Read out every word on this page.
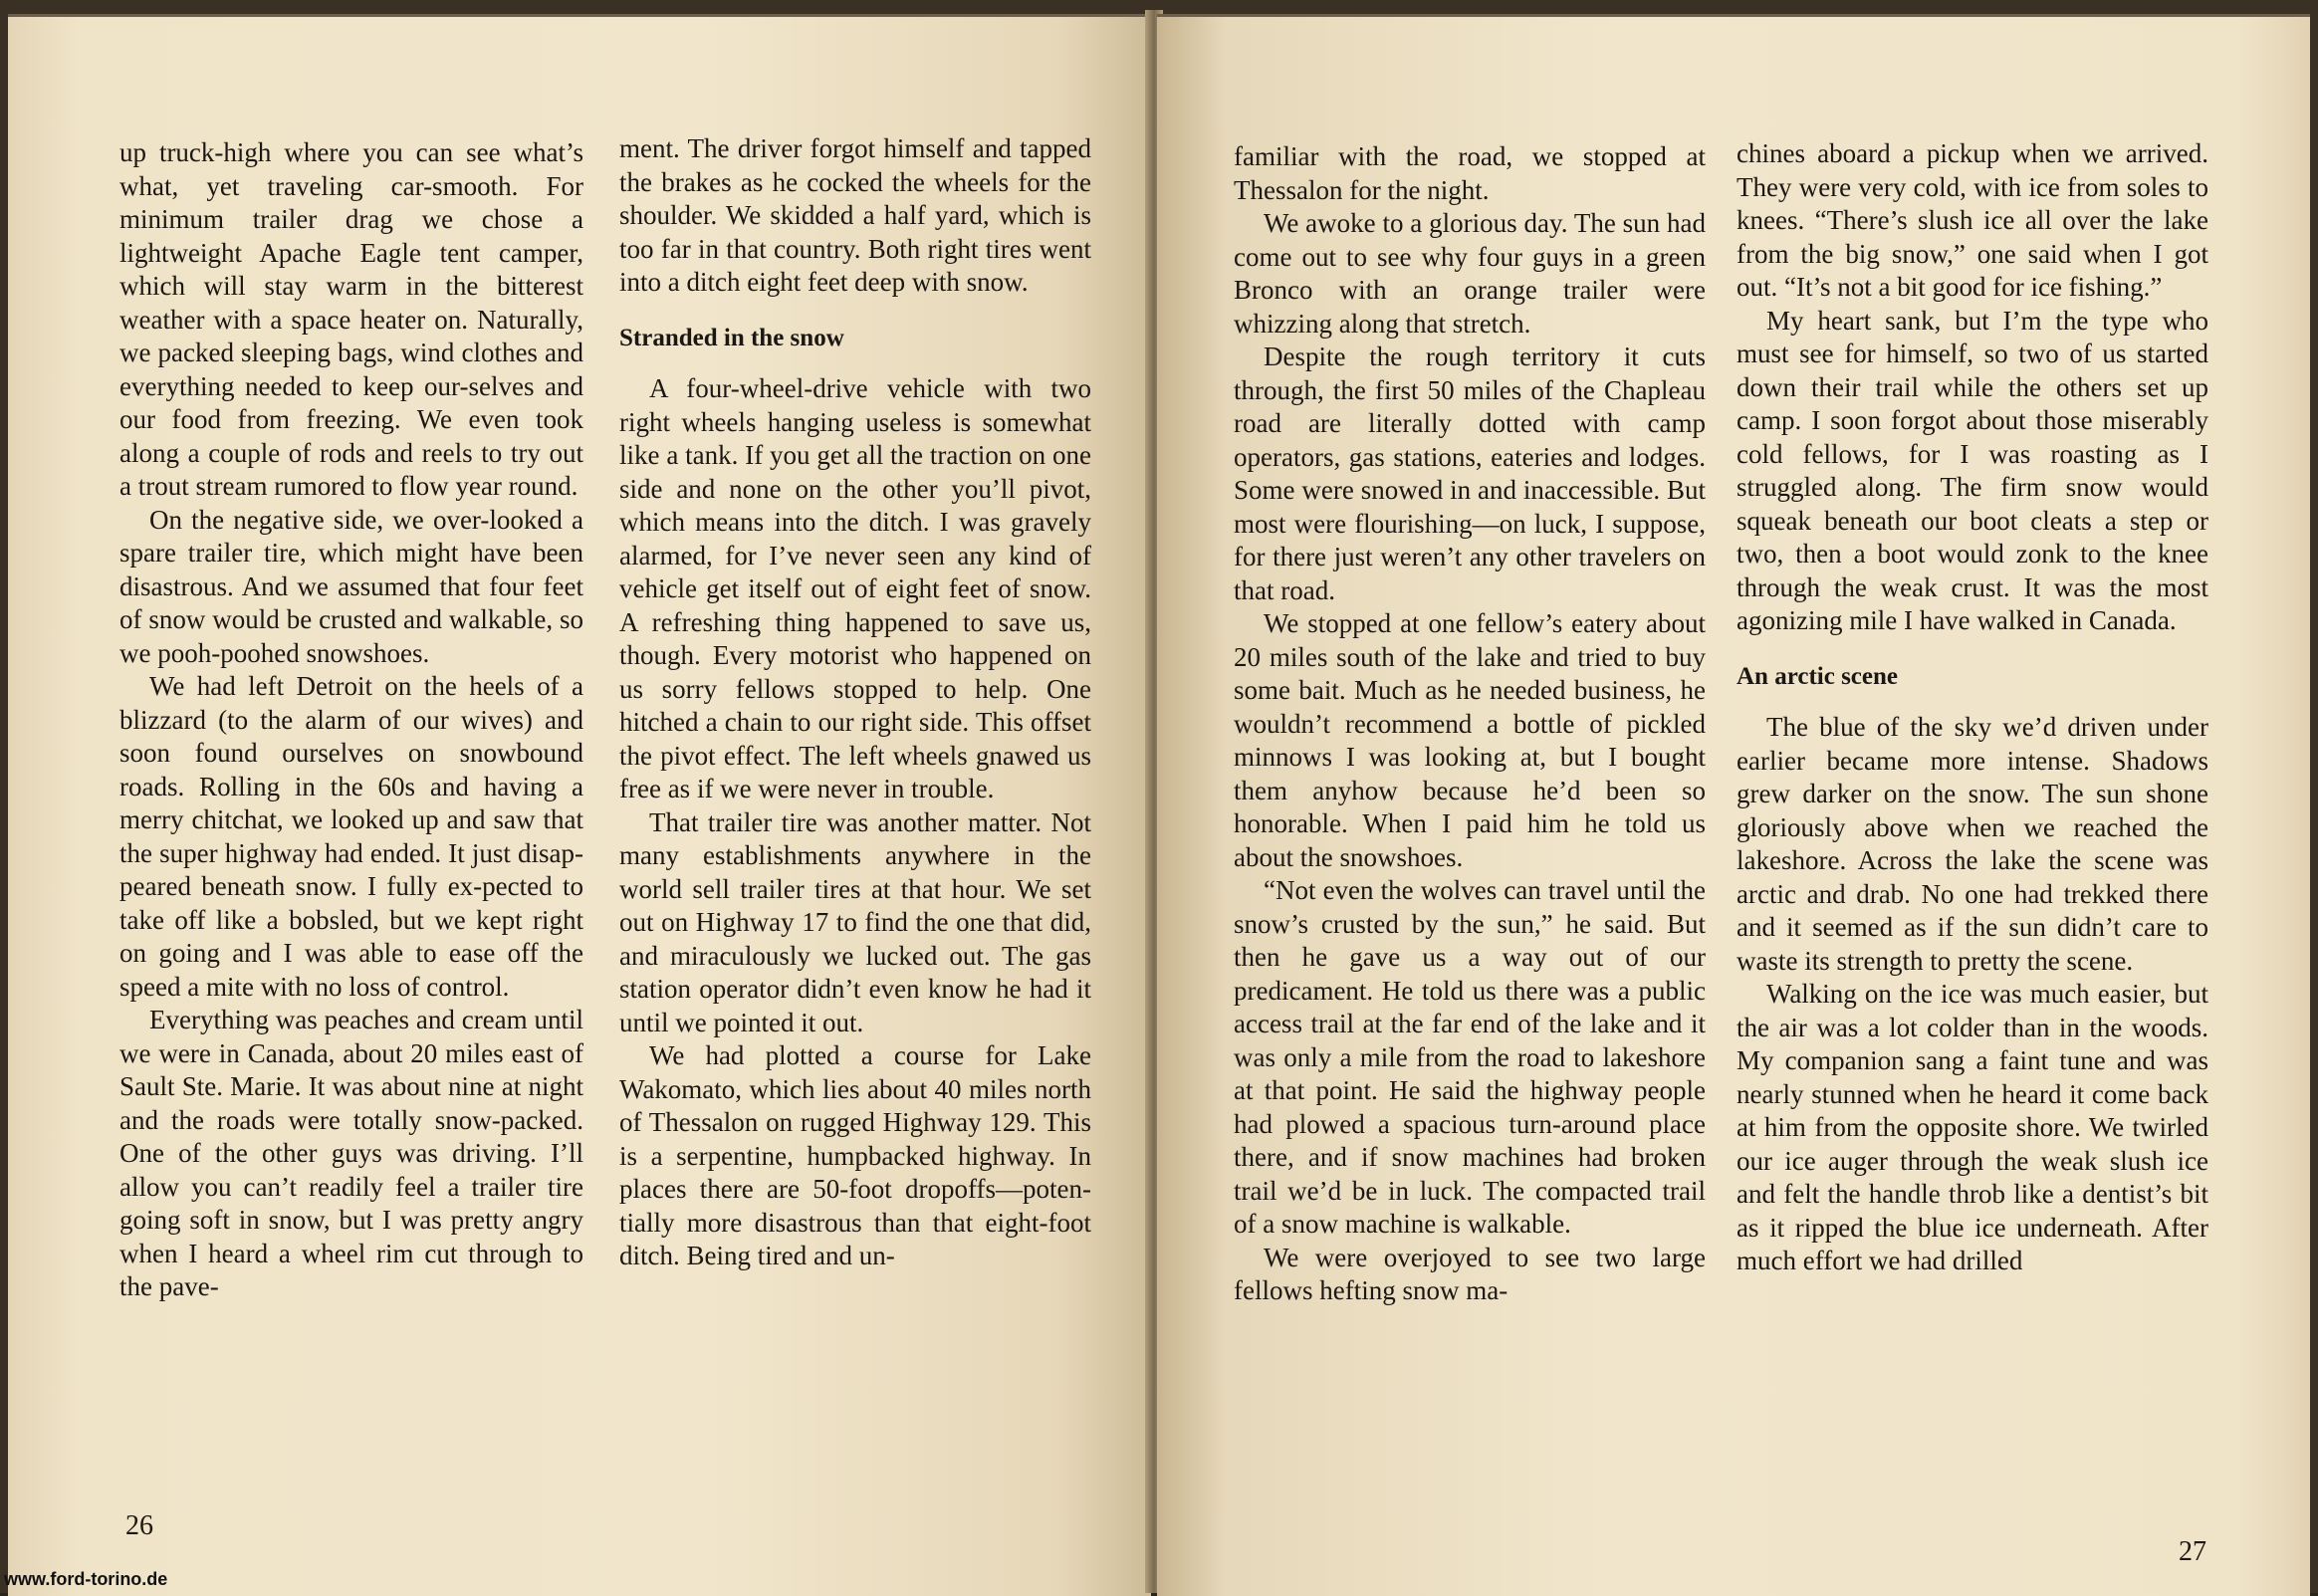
up truck-high where you can see what’s what, yet traveling car-smooth. For minimum trailer drag we chose a lightweight Apache Eagle tent camper, which will stay warm in the bitterest weather with a space heater on. Naturally, we packed sleeping bags, wind clothes and everything needed to keep our-selves and our food from freezing. We even took along a couple of rods and reels to try out a trout stream rumored to flow year round.

On the negative side, we over-looked a spare trailer tire, which might have been disastrous. And we assumed that four feet of snow would be crusted and walkable, so we pooh-poohed snowshoes.

We had left Detroit on the heels of a blizzard (to the alarm of our wives) and soon found ourselves on snowbound roads. Rolling in the 60s and having a merry chitchat, we looked up and saw that the super highway had ended. It just disap-peared beneath snow. I fully ex-pected to take off like a bobsled, but we kept right on going and I was able to ease off the speed a mite with no loss of control.

Everything was peaches and cream until we were in Canada, about 20 miles east of Sault Ste. Marie. It was about nine at night and the roads were totally snow-packed. One of the other guys was driving. I’ll allow you can’t readily feel a trailer tire going soft in snow, but I was pretty angry when I heard a wheel rim cut through to the pave-

ment. The driver forgot himself and tapped the brakes as he cocked the wheels for the shoulder. We skidded a half yard, which is too far in that country. Both right tires went into a ditch eight feet deep with snow.

Stranded in the snow

A four-wheel-drive vehicle with two right wheels hanging useless is somewhat like a tank. If you get all the traction on one side and none on the other you’ll pivot, which means into the ditch. I was gravely alarmed, for I’ve never seen any kind of vehicle get itself out of eight feet of snow. A refreshing thing happened to save us, though. Every motorist who happened on us sorry fellows stopped to help. One hitched a chain to our right side. This offset the pivot effect. The left wheels gnawed us free as if we were never in trouble.

That trailer tire was another matter. Not many establishments anywhere in the world sell trailer tires at that hour. We set out on Highway 17 to find the one that did, and miraculously we lucked out. The gas station operator didn’t even know he had it until we pointed it out.

We had plotted a course for Lake Wakomato, which lies about 40 miles north of Thessalon on rugged Highway 129. This is a serpentine, humpbacked highway. In places there are 50-foot dropoffs—poten-tially more disastrous than that eight-foot ditch. Being tired and un-

26

familiar with the road, we stopped at Thessalon for the night.

We awoke to a glorious day. The sun had come out to see why four guys in a green Bronco with an orange trailer were whizzing along that stretch.

Despite the rough territory it cuts through, the first 50 miles of the Chapleau road are literally dotted with camp operators, gas stations, eateries and lodges. Some were snowed in and inaccessible. But most were flourishing—on luck, I suppose, for there just weren’t any other travelers on that road.

We stopped at one fellow’s eatery about 20 miles south of the lake and tried to buy some bait. Much as he needed business, he wouldn’t recommend a bottle of pickled minnows I was looking at, but I bought them anyhow because he’d been so honorable. When I paid him he told us about the snowshoes.

“Not even the wolves can travel until the snow’s crusted by the sun,” he said. But then he gave us a way out of our predicament. He told us there was a public access trail at the far end of the lake and it was only a mile from the road to lakeshore at that point. He said the highway people had plowed a spacious turn-around place there, and if snow machines had broken trail we’d be in luck. The compacted trail of a snow machine is walkable.

We were overjoyed to see two large fellows hefting snow ma-

chines aboard a pickup when we arrived. They were very cold, with ice from soles to knees. “There’s slush ice all over the lake from the big snow,” one said when I got out. “It’s not a bit good for ice fishing.”

My heart sank, but I’m the type who must see for himself, so two of us started down their trail while the others set up camp. I soon forgot about those miserably cold fellows, for I was roasting as I struggled along. The firm snow would squeak beneath our boot cleats a step or two, then a boot would zonk to the knee through the weak crust. It was the most agonizing mile I have walked in Canada.

An arctic scene

The blue of the sky we’d driven under earlier became more intense. Shadows grew darker on the snow. The sun shone gloriously above when we reached the lakeshore. Across the lake the scene was arctic and drab. No one had trekked there and it seemed as if the sun didn’t care to waste its strength to pretty the scene.

Walking on the ice was much easier, but the air was a lot colder than in the woods. My companion sang a faint tune and was nearly stunned when he heard it come back at him from the opposite shore. We twirled our ice auger through the weak slush ice and felt the handle throb like a dentist’s bit as it ripped the blue ice underneath. After much effort we had drilled

27
www.ford-torino.de
